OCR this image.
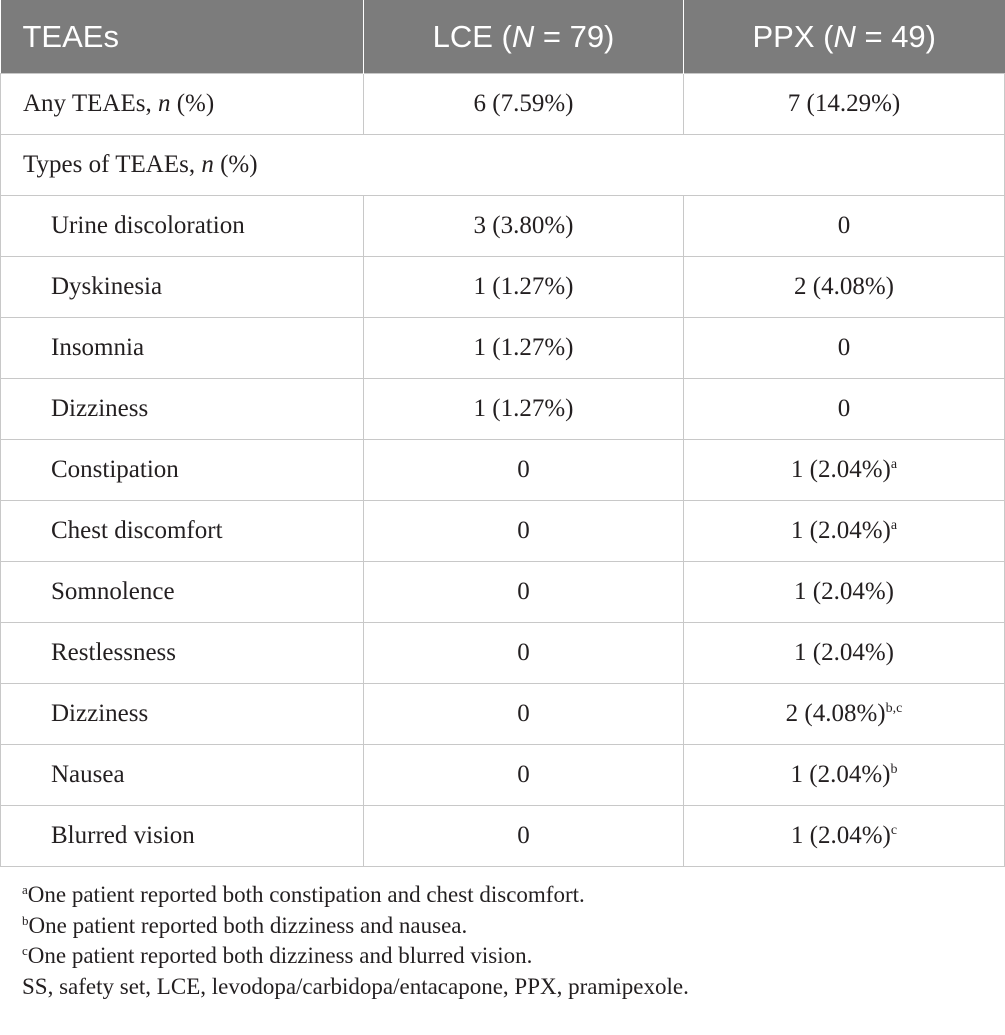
TEAEs	LCE (N = 79)	PPX (N = 49)
Any TEAEs, n (%)	6 (7.59%)	7 (14.29%)
Types of TEAEs, n (%)		
Urine discoloration	3 (3.80%)	0
Dyskinesia	1 (1.27%)	2 (4.08%)
Insomnia	1 (1.27%)	0
Dizziness	1 (1.27%)	0
Constipation	0	1 $(2.04\%)^a$
Chest discomfort	0	1 $(2.04\%)^a$
Somnolence	0	1 (2.04%)
Restlessness	0	1 (2.04%)
Dizziness	0	2 $(4.08\%)^{b,c}$
Nausea	0	1 $(2.04\%)^b$
Blurred vision	0	1 $(2.04\%)^c$
$^a$One patient reported both constipation and chest discomfort.
$^b$One patient reported both dizziness and nausea.
$^c$One patient reported both dizziness and blurred vision.
SS, safety set, LCE, levodopa/carbidopa/entacapone, PPX, pramipexole.
